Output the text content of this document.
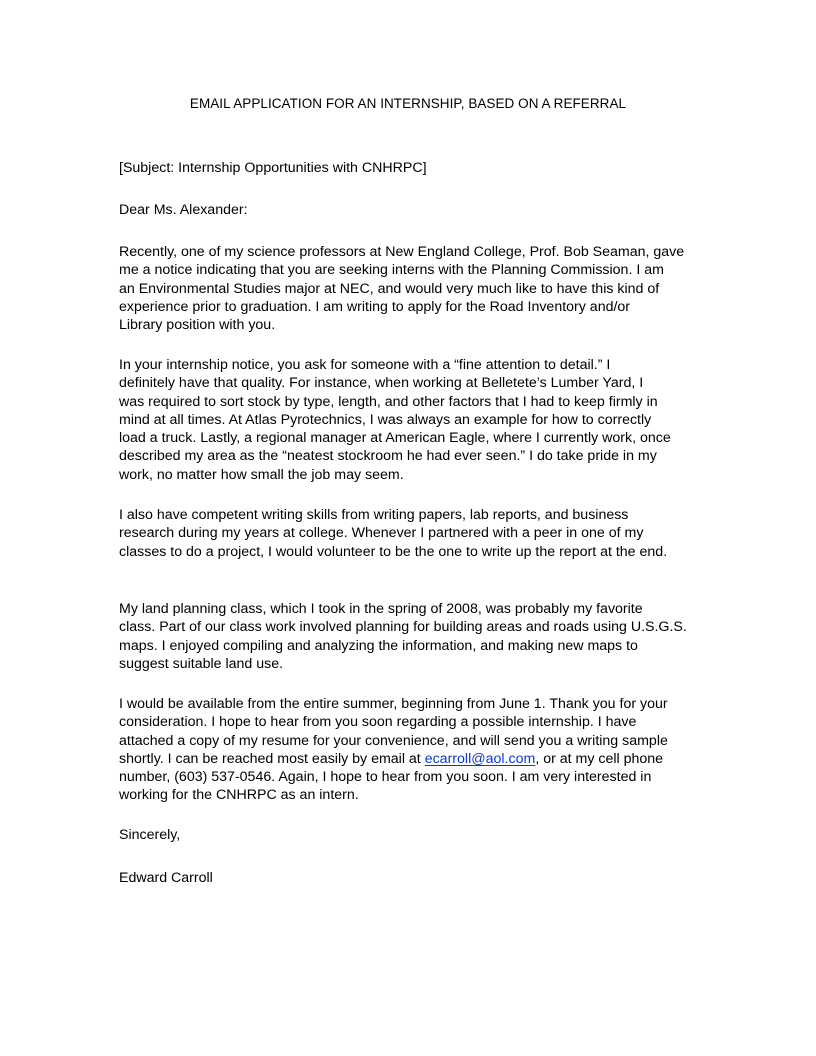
EMAIL APPLICATION FOR AN INTERNSHIP, BASED ON A REFERRAL
[Subject: Internship Opportunities with CNHRPC]
Dear Ms. Alexander:
Recently, one of my science professors at New England College, Prof. Bob Seaman, gave
me a notice indicating that you are seeking interns with the Planning Commission. I am
an Environmental Studies major at NEC, and would very much like to have this kind of
experience prior to graduation. I am writing to apply for the Road Inventory and/or
Library position with you.
In your internship notice, you ask for someone with a “fine attention to detail.” I
definitely have that quality. For instance, when working at Belletete’s Lumber Yard, I
was required to sort stock by type, length, and other factors that I had to keep firmly in
mind at all times. At Atlas Pyrotechnics, I was always an example for how to correctly
load a truck. Lastly, a regional manager at American Eagle, where I currently work, once
described my area as the “neatest stockroom he had ever seen.” I do take pride in my
work, no matter how small the job may seem.
I also have competent writing skills from writing papers, lab reports, and business
research during my years at college. Whenever I partnered with a peer in one of my
classes to do a project, I would volunteer to be the one to write up the report at the end.
My land planning class, which I took in the spring of 2008, was probably my favorite
class. Part of our class work involved planning for building areas and roads using U.S.G.S.
maps. I enjoyed compiling and analyzing the information, and making new maps to
suggest suitable land use.
I would be available from the entire summer, beginning from June 1. Thank you for your
consideration. I hope to hear from you soon regarding a possible internship. I have
attached a copy of my resume for your convenience, and will send you a writing sample
shortly. I can be reached most easily by email at ecarroll@aol.com, or at my cell phone
number, (603) 537-0546. Again, I hope to hear from you soon. I am very interested in
working for the CNHRPC as an intern.
Sincerely,
Edward Carroll
